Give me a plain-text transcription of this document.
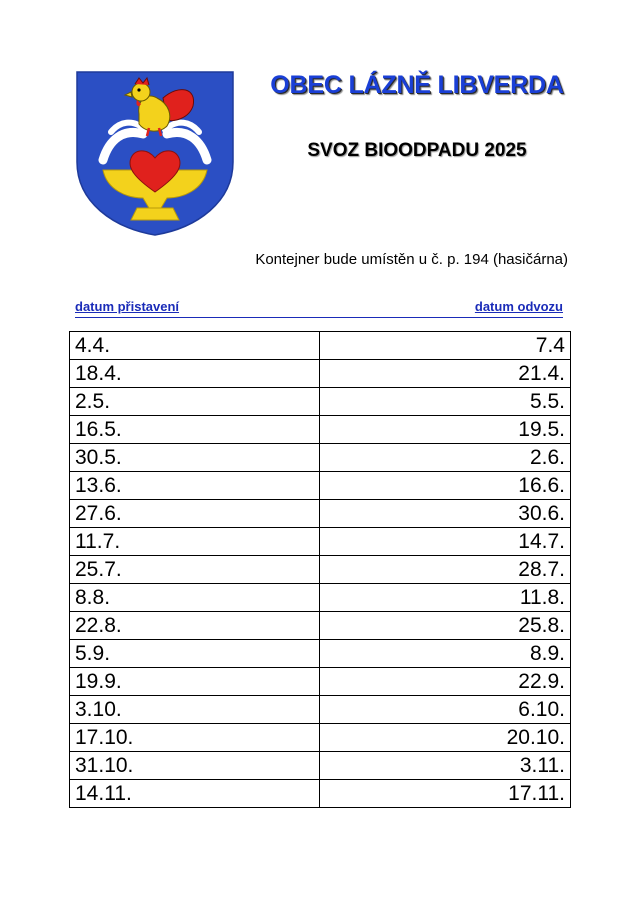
OBEC LÁZNĚ LIBVERDA
SVOZ BIOODPADU 2025
Kontejner bude umístěn u č. p. 194 (hasičárna)
datum přistavení	datum odvozu
4.4.	7.4
18.4.	21.4.
2.5.	5.5.
16.5.	19.5.
30.5.	2.6.
13.6.	16.6.
27.6.	30.6.
11.7.	14.7.
25.7.	28.7.
8.8.	11.8.
22.8.	25.8.
5.9.	8.9.
19.9.	22.9.
3.10.	6.10.
17.10.	20.10.
31.10.	3.11.
14.11.	17.11.
